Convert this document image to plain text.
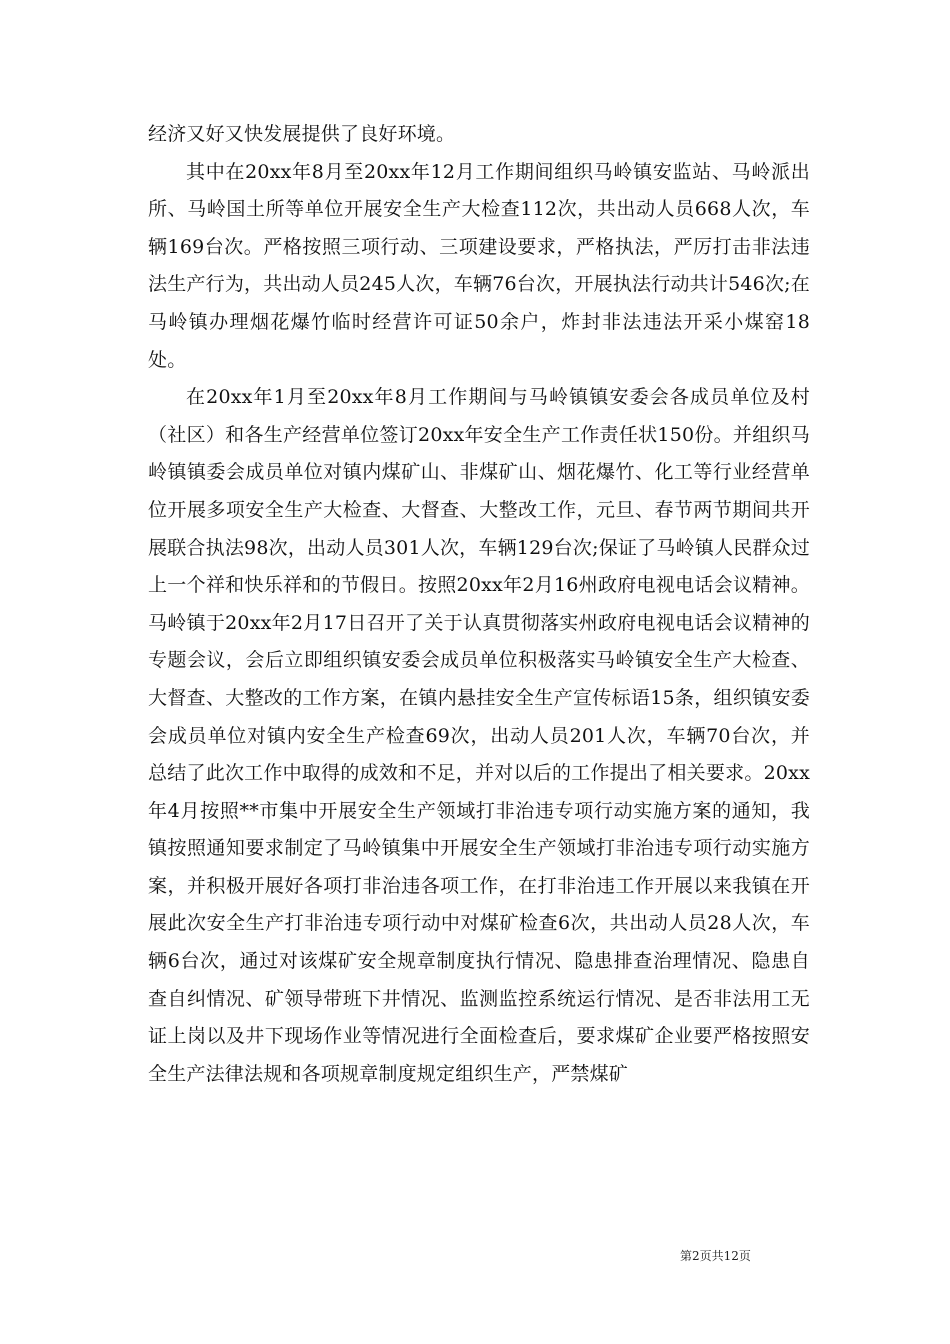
经济又好又快发展提供了良好环境。

其中在20xx年8月至20xx年12月工作期间组织马岭镇安监站、马岭派出所、马岭国土所等单位开展安全生产大检查112次，共出动人员668人次，车辆169台次。严格按照三项行动、三项建设要求，严格执法，严厉打击非法违法生产行为，共出动人员245人次，车辆76台次，开展执法行动共计546次;在马岭镇办理烟花爆竹临时经营许可证50余户，炸封非法违法开采小煤窑18处。

在20xx年1月至20xx年8月工作期间与马岭镇镇安委会各成员单位及村（社区）和各生产经营单位签订20xx年安全生产工作责任状150份。并组织马岭镇镇委会成员单位对镇内煤矿山、非煤矿山、烟花爆竹、化工等行业经营单位开展多项安全生产大检查、大督查、大整改工作，元旦、春节两节期间共开展联合执法98次，出动人员301人次，车辆129台次;保证了马岭镇人民群众过上一个祥和快乐祥和的节假日。按照20xx年2月16州政府电视电话会议精神。马岭镇于20xx年2月17日召开了关于认真贯彻落实州政府电视电话会议精神的专题会议，会后立即组织镇安委会成员单位积极落实马岭镇安全生产大检查、大督查、大整改的工作方案，在镇内悬挂安全生产宣传标语15条，组织镇安委会成员单位对镇内安全生产检查69次，出动人员201人次，车辆70台次，并总结了此次工作中取得的成效和不足，并对以后的工作提出了相关要求。20xx年4月按照**市集中开展安全生产领域打非治违专项行动实施方案的通知，我镇按照通知要求制定了马岭镇集中开展安全生产领域打非治违专项行动实施方案，并积极开展好各项打非治违各项工作，在打非治违工作开展以来我镇在开展此次安全生产打非治违专项行动中对煤矿检查6次，共出动人员28人次，车辆6台次，通过对该煤矿安全规章制度执行情况、隐患排查治理情况、隐患自查自纠情况、矿领导带班下井情况、监测监控系统运行情况、是否非法用工无证上岗以及井下现场作业等情况进行全面检查后，要求煤矿企业要严格按照安全生产法律法规和各项规章制度规定组织生产，严禁煤矿

第2页共12页
